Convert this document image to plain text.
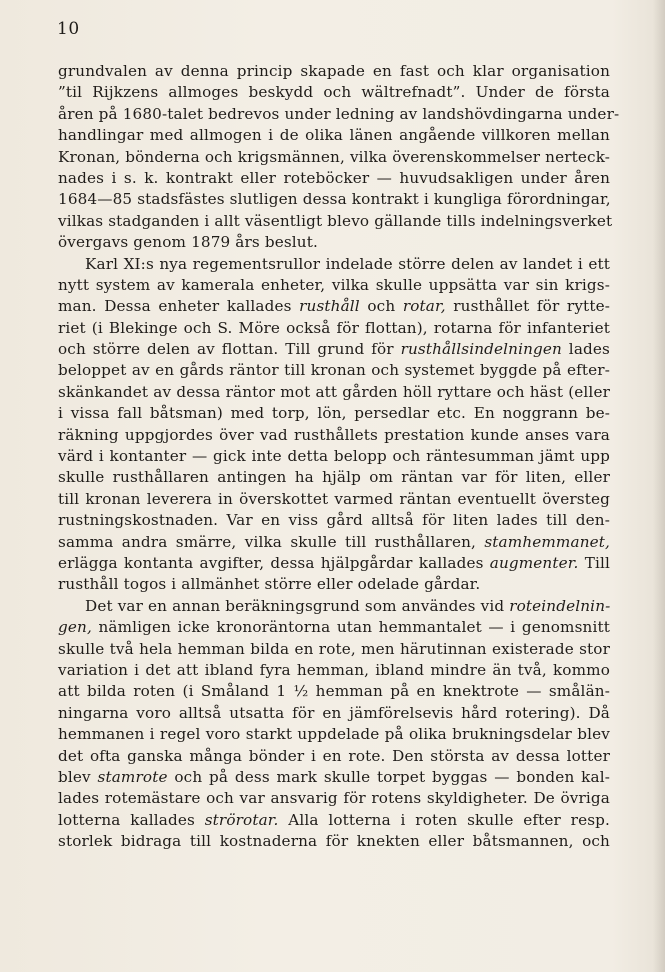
10
grundvalen av denna princip skapade en fast och klar organisation
”til Rijkzens allmoges beskydd och wältrefnadt”. Under de första
åren på 1680-talet bedrevos under ledning av landshövdingarna under-
handlingar med allmogen i de olika länen angående villkoren mellan
Kronan, bönderna och krigsmännen, vilka överenskommelser nerteck-
nades i s. k. kontrakt eller roteböcker — huvudsakligen under åren
1684—85 stadsfästes slutligen dessa kontrakt i kungliga förordningar,
vilkas stadganden i allt väsentligt blevo gällande tills indelningsverket
övergavs genom 1879 års beslut.
Karl XI:s nya regementsrullor indelade större delen av landet i ett
nytt system av kamerala enheter, vilka skulle uppsätta var sin krigs-
man. Dessa enheter kallades rusthåll och rotar, rusthållet för rytte-
riet (i Blekinge och S. Möre också för flottan), rotarna för infanteriet
och större delen av flottan. Till grund för rusthållsindelningen lades
beloppet av en gårds räntor till kronan och systemet byggde på efter-
skänkandet av dessa räntor mot att gården höll ryttare och häst (eller
i vissa fall båtsman) med torp, lön, persedlar etc. En noggrann be-
räkning uppgjordes över vad rusthållets prestation kunde anses vara
värd i kontanter — gick inte detta belopp och räntesumman jämt upp
skulle rusthållaren antingen ha hjälp om räntan var för liten, eller
till kronan leverera in överskottet varmed räntan eventuellt översteg
rustningskostnaden. Var en viss gård alltså för liten lades till den-
samma andra smärre, vilka skulle till rusthållaren, stamhemmanet,
erlägga kontanta avgifter, dessa hjälpgårdar kallades augmenter. Till
rusthåll togos i allmänhet större eller odelade gårdar.
Det var en annan beräkningsgrund som användes vid roteindelnin-
gen, nämligen icke kronoräntorna utan hemmantalet — i genomsnitt
skulle två hela hemman bilda en rote, men härutinnan existerade stor
variation i det att ibland fyra hemman, ibland mindre än två, kommo
att bilda roten (i Småland 1 ½ hemman på en knektrote — smålän-
ningarna voro alltså utsatta för en jämförelsevis hård rotering). Då
hemmanen i regel voro starkt uppdelade på olika brukningsdelar blev
det ofta ganska många bönder i en rote. Den största av dessa lotter
blev stamrote och på dess mark skulle torpet byggas — bonden kal-
lades rotemästare och var ansvarig för rotens skyldigheter. De övriga
lotterna kallades strörotar. Alla lotterna i roten skulle efter resp.
storlek bidraga till kostnaderna för knekten eller båtsmannen, och
